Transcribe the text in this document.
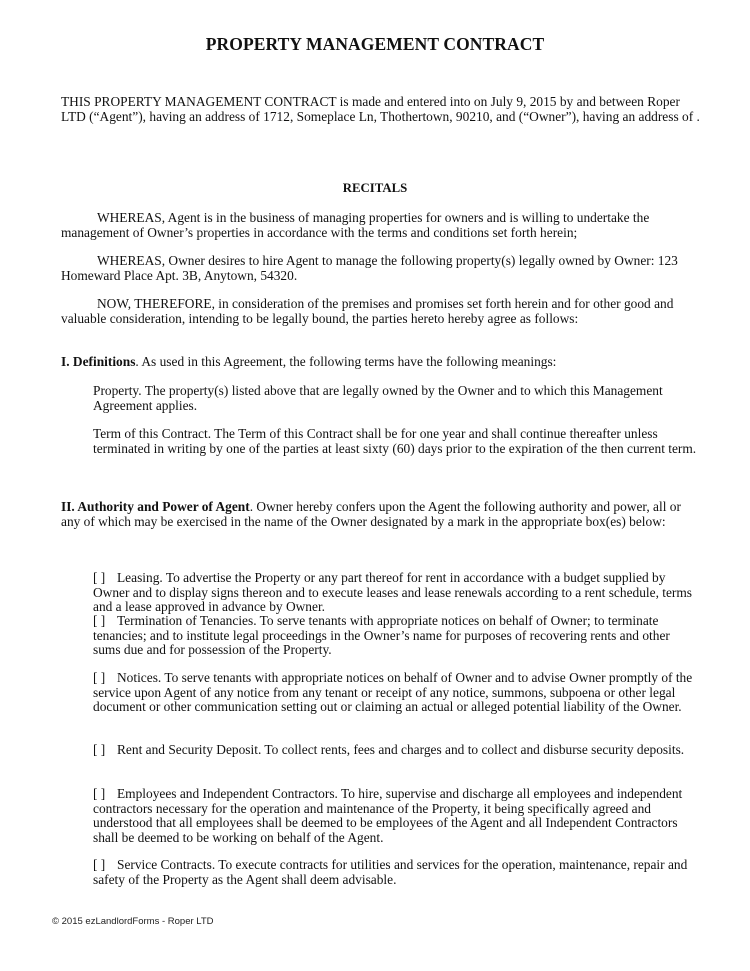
PROPERTY MANAGEMENT CONTRACT
THIS PROPERTY MANAGEMENT CONTRACT is made and entered into on July 9, 2015 by and between Roper LTD (“Agent”), having an address of 1712, Someplace Ln, Thothertown, 90210, and (“Owner”), having an address of .
RECITALS
WHEREAS, Agent is in the business of managing properties for owners and is willing to undertake the management of Owner’s properties in accordance with the terms and conditions set forth herein;
WHEREAS, Owner desires to hire Agent to manage the following property(s) legally owned by Owner: 123 Homeward Place Apt. 3B, Anytown, 54320.
NOW, THEREFORE, in consideration of the premises and promises set forth herein and for other good and valuable consideration, intending to be legally bound, the parties hereto hereby agree as follows:
I. Definitions. As used in this Agreement, the following terms have the following meanings:
Property. The property(s) listed above that are legally owned by the Owner and to which this Management Agreement applies.
Term of this Contract. The Term of this Contract shall be for one year and shall continue thereafter unless terminated in writing by one of the parties at least sixty (60) days prior to the expiration of the then current term.
II. Authority and Power of Agent. Owner hereby confers upon the Agent the following authority and power, all or any of which may be exercised in the name of the Owner designated by a mark in the appropriate box(es) below:
[ ] Leasing. To advertise the Property or any part thereof for rent in accordance with a budget supplied by Owner and to display signs thereon and to execute leases and lease renewals according to a rent schedule, terms and a lease approved in advance by Owner.
[ ] Termination of Tenancies. To serve tenants with appropriate notices on behalf of Owner; to terminate tenancies; and to institute legal proceedings in the Owner’s name for purposes of recovering rents and other sums due and for possession of the Property.
[ ] Notices. To serve tenants with appropriate notices on behalf of Owner and to advise Owner promptly of the service upon Agent of any notice from any tenant or receipt of any notice, summons, subpoena or other legal document or other communication setting out or claiming an actual or alleged potential liability of the Owner.
[ ] Rent and Security Deposit. To collect rents, fees and charges and to collect and disburse security deposits.
[ ] Employees and Independent Contractors. To hire, supervise and discharge all employees and independent contractors necessary for the operation and maintenance of the Property, it being specifically agreed and understood that all employees shall be deemed to be employees of the Agent and all Independent Contractors shall be deemed to be working on behalf of the Agent.
[ ] Service Contracts. To execute contracts for utilities and services for the operation, maintenance, repair and safety of the Property as the Agent shall deem advisable.
© 2015 ezLandlordForms - Roper LTD
